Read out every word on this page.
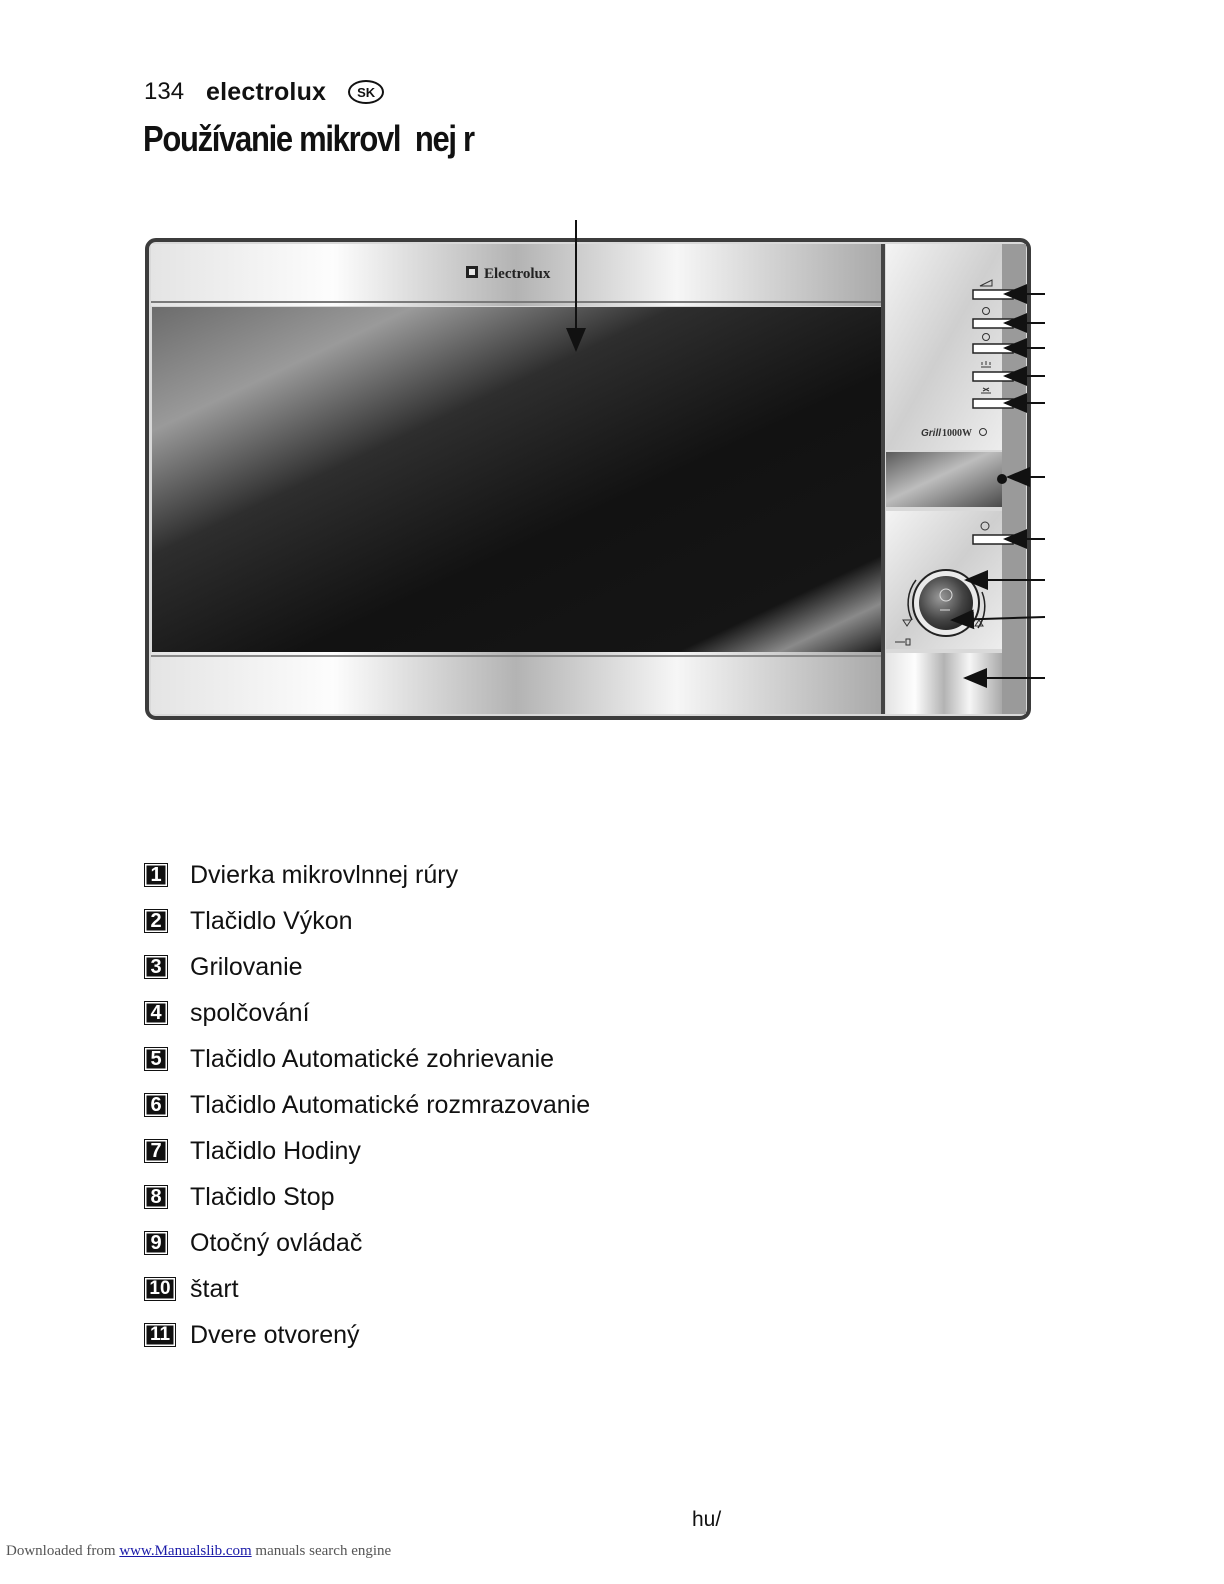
134 electrolux	SK
Používanie mikrovl  nej r
Electrolux
Grill 1000W
1 Dvierka mikrovlnnej rúry
2 Tlačidlo Výkon
3 Grilovanie
4 spolčování
5 Tlačidlo Automatické zohrievanie
6 Tlačidlo Automatické rozmrazovanie
7 Tlačidlo Hodiny
8 Tlačidlo Stop
9 Otočný ovládač
10 štart
11 Dvere otvorený
hu/
Downloaded from www.Manualslib.com manuals search engine
